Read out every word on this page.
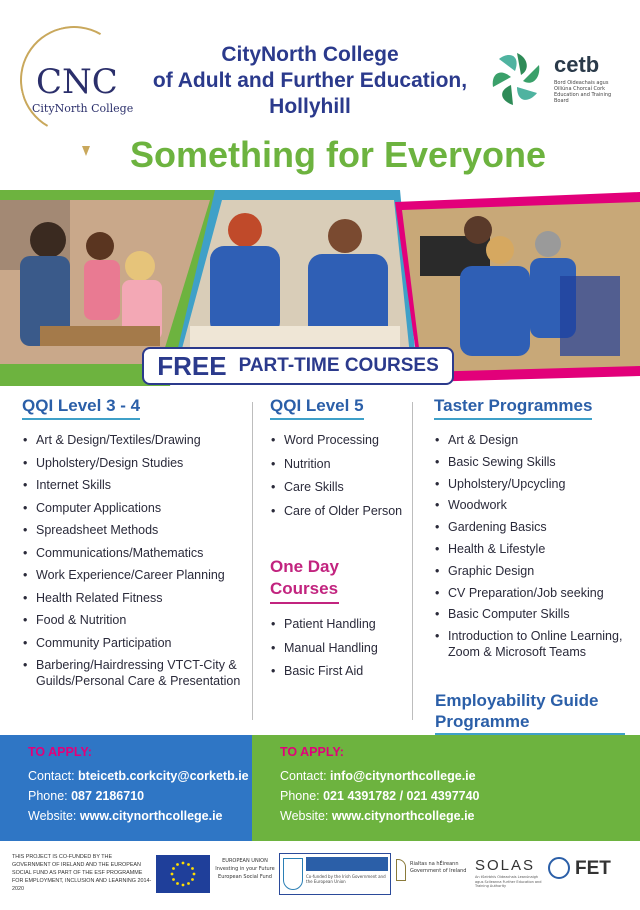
CNC
CityNorth College
CityNorth College
of Adult and Further Education,
Hollyhill
cetb
Bord Oideachais agus Oiliúna Chorcaí Cork Education and Training Board
Something for Everyone
FREE PART-TIME COURSES
QQI Level 3 - 4
• Art & Design/Textiles/Drawing
• Upholstery/Design Studies
• Internet Skills
• Computer Applications
• Spreadsheet Methods
• Communications/Mathematics
• Work Experience/Career Planning
• Health Related Fitness
• Food & Nutrition
• Community Participation
• Barbering/Hairdressing VTCT-City & Guilds/Personal Care & Presentation
QQI Level 5
• Word Processing
• Nutrition
• Care Skills
• Care of Older Person
One Day
Courses
• Patient Handling
• Manual Handling
• Basic First Aid
Taster Programmes
• Art & Design
• Basic Sewing Skills
• Upholstery/Upcycling
• Woodwork
• Gardening Basics
• Health & Lifestyle
• Graphic Design
• CV Preparation/Job seeking
• Basic Computer Skills
• Introduction to Online Learning, Zoom & Microsoft Teams
Employability Guide
Programme
TO APPLY:
Contact: bteicetb.corkcity@corketb.ie
Phone: 087 2186710
Website: www.citynorthcollege.ie
TO APPLY:
Contact: info@citynorthcollege.ie
Phone: 021 4391782 / 021 4397740
Website: www.citynorthcollege.ie
THIS PROJECT IS CO-FUNDED BY THE GOVERNMENT OF IRELAND AND THE EUROPEAN SOCIAL FUND AS PART OF THE ESF PROGRAMME FOR EMPLOYMENT, INCLUSION AND LEARNING 2014-2020
EUROPEAN UNION Investing in your Future European Social Fund	Co-funded by the Irish Government and the European Union
Rialtas na hÉireann Government of Ireland SOLAS
An tSeirbhís Oideachais Leanúnaigh agus Scileanna Further Education and Training Authority
FET
